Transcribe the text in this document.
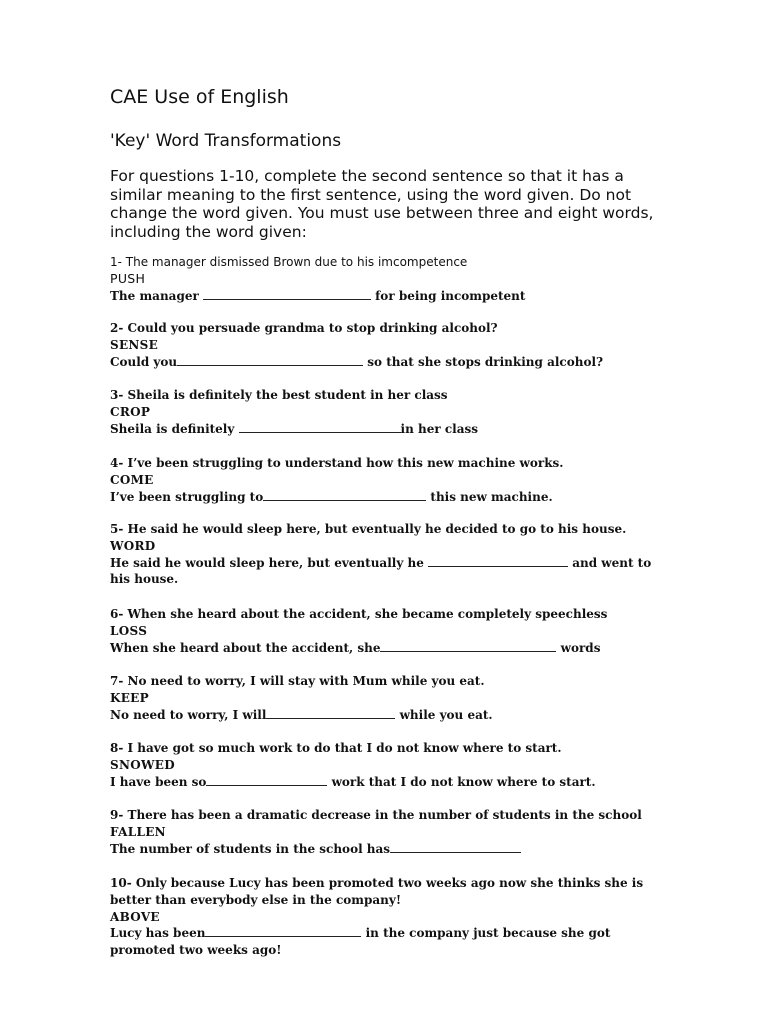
CAE Use of English
'Key' Word Transformations

For questions 1-10, complete the second sentence so that it has a similar meaning to the first sentence, using the word given. Do not change the word given. You must use between three and eight words, including the word given:

1- The manager dismissed Brown due to his imcompetence
PUSH
The manager	for being incompetent
2- Could you persuade grandma to stop drinking alcohol?
SENSE
Could you	so that she stops drinking alcohol?
3- Sheila is definitely the best student in her class
CROP
Sheila is definitely	in her class
4- I’ve been struggling to understand how this new machine works.
COME
I’ve been struggling to	this new machine.
5- He said he would sleep here, but eventually he decided to go to his house.
WORD
He said he would sleep here, but eventually he	and went to his house.
6- When she heard about the accident, she became completely speechless
LOSS
When she heard about the accident, she	words
7- No need to worry, I will stay with Mum while you eat.
KEEP
No need to worry, I will	while you eat.
8- I have got so much work to do that I do not know where to start.
SNOWED
I have been so	work that I do not know where to start.
9- There has been a dramatic decrease in the number of students in the school
FALLEN
The number of students in the school has
10- Only because Lucy has been promoted two weeks ago now she thinks she is better than everybody else in the company!
ABOVE
Lucy has been	in the company just because she got promoted two weeks ago!
